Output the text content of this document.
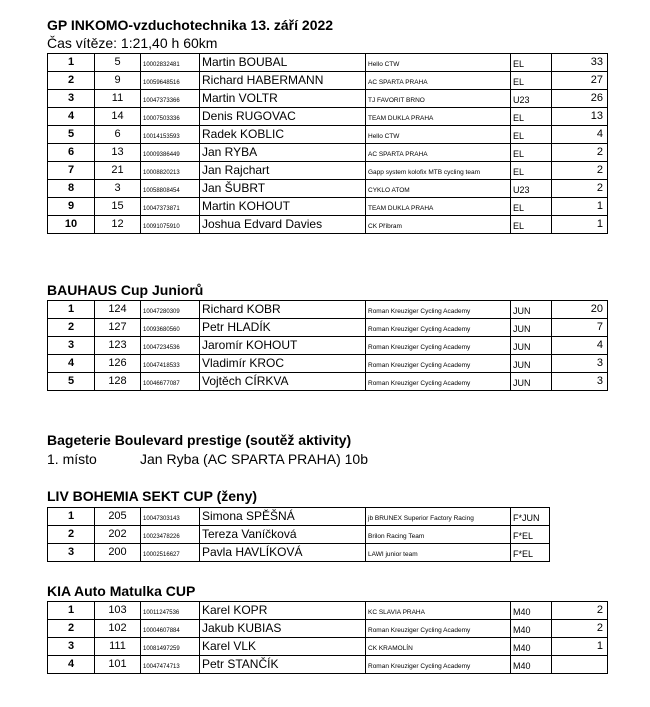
GP INKOMO-vzduchotechnika 13. září 2022
Čas vítěze: 1:21,40 h 60km
1	5	10002832481	Martin BOUBAL	Hello CTW	EL	33
2	9	10059648516	Richard HABERMANN	AC SPARTA PRAHA	EL	27
3	11	10047373366	Martin VOLTR	TJ FAVORIT BRNO	U23	26
4	14	10007503336	Denis RUGOVAC	TEAM DUKLA PRAHA	EL	13
5	6	10014153593	Radek KOBLIC	Hello CTW	EL	4
6	13	10009386449	Jan RYBA	AC SPARTA PRAHA	EL	2
7	21	10008820213	Jan Rajchart	Gapp system kolofix MTB cycling team	EL	2
8	3	10058808454	Jan ŠUBRT	CYKLO ATOM	U23	2
9	15	10047373871	Martin KOHOUT	TEAM DUKLA PRAHA	EL	1
10	12	10091075910	Joshua Edvard Davies	CK Příbram	EL	1
BAUHAUS Cup Juniorů
1	124	10047280309	Richard KOBR	Roman Kreuziger Cycling Academy	JUN	20
2	127	10093680560	Petr HLADÍK	Roman Kreuziger Cycling Academy	JUN	7
3	123	10047234536	Jaromír KOHOUT	Roman Kreuziger Cycling Academy	JUN	4
4	126	10047418533	Vladimír KROC	Roman Kreuziger Cycling Academy	JUN	3
5	128	10046677087	Vojtěch CÍRKVA	Roman Kreuziger Cycling Academy	JUN	3
Bageterie Boulevard prestige (soutěž aktivity)
1. místo	Jan Ryba (AC SPARTA PRAHA) 10b
LIV BOHEMIA SEKT CUP (ženy)
1	205	10047303143	Simona SPĚŠNÁ	jb BRUNEX Superior Factory Racing	F*JUN
2	202	10023478226	Tereza Vaníčková	Brilon Racing Team	F*EL
3	200	10002516627	Pavla HAVLÍKOVÁ	LAWI junior team	F*EL
KIA Auto Matulka CUP
1	103	10011247536	Karel KOPR	KC SLAVIA PRAHA	M40	2
2	102	10004607884	Jakub KUBIAS	Roman Kreuziger Cycling Academy	M40	2
3	111	10081497259	Karel VLK	CK KRAMOLÍN	M40	1
4	101	10047474713	Petr STANČÍK	Roman Kreuziger Cycling Academy	M40	
